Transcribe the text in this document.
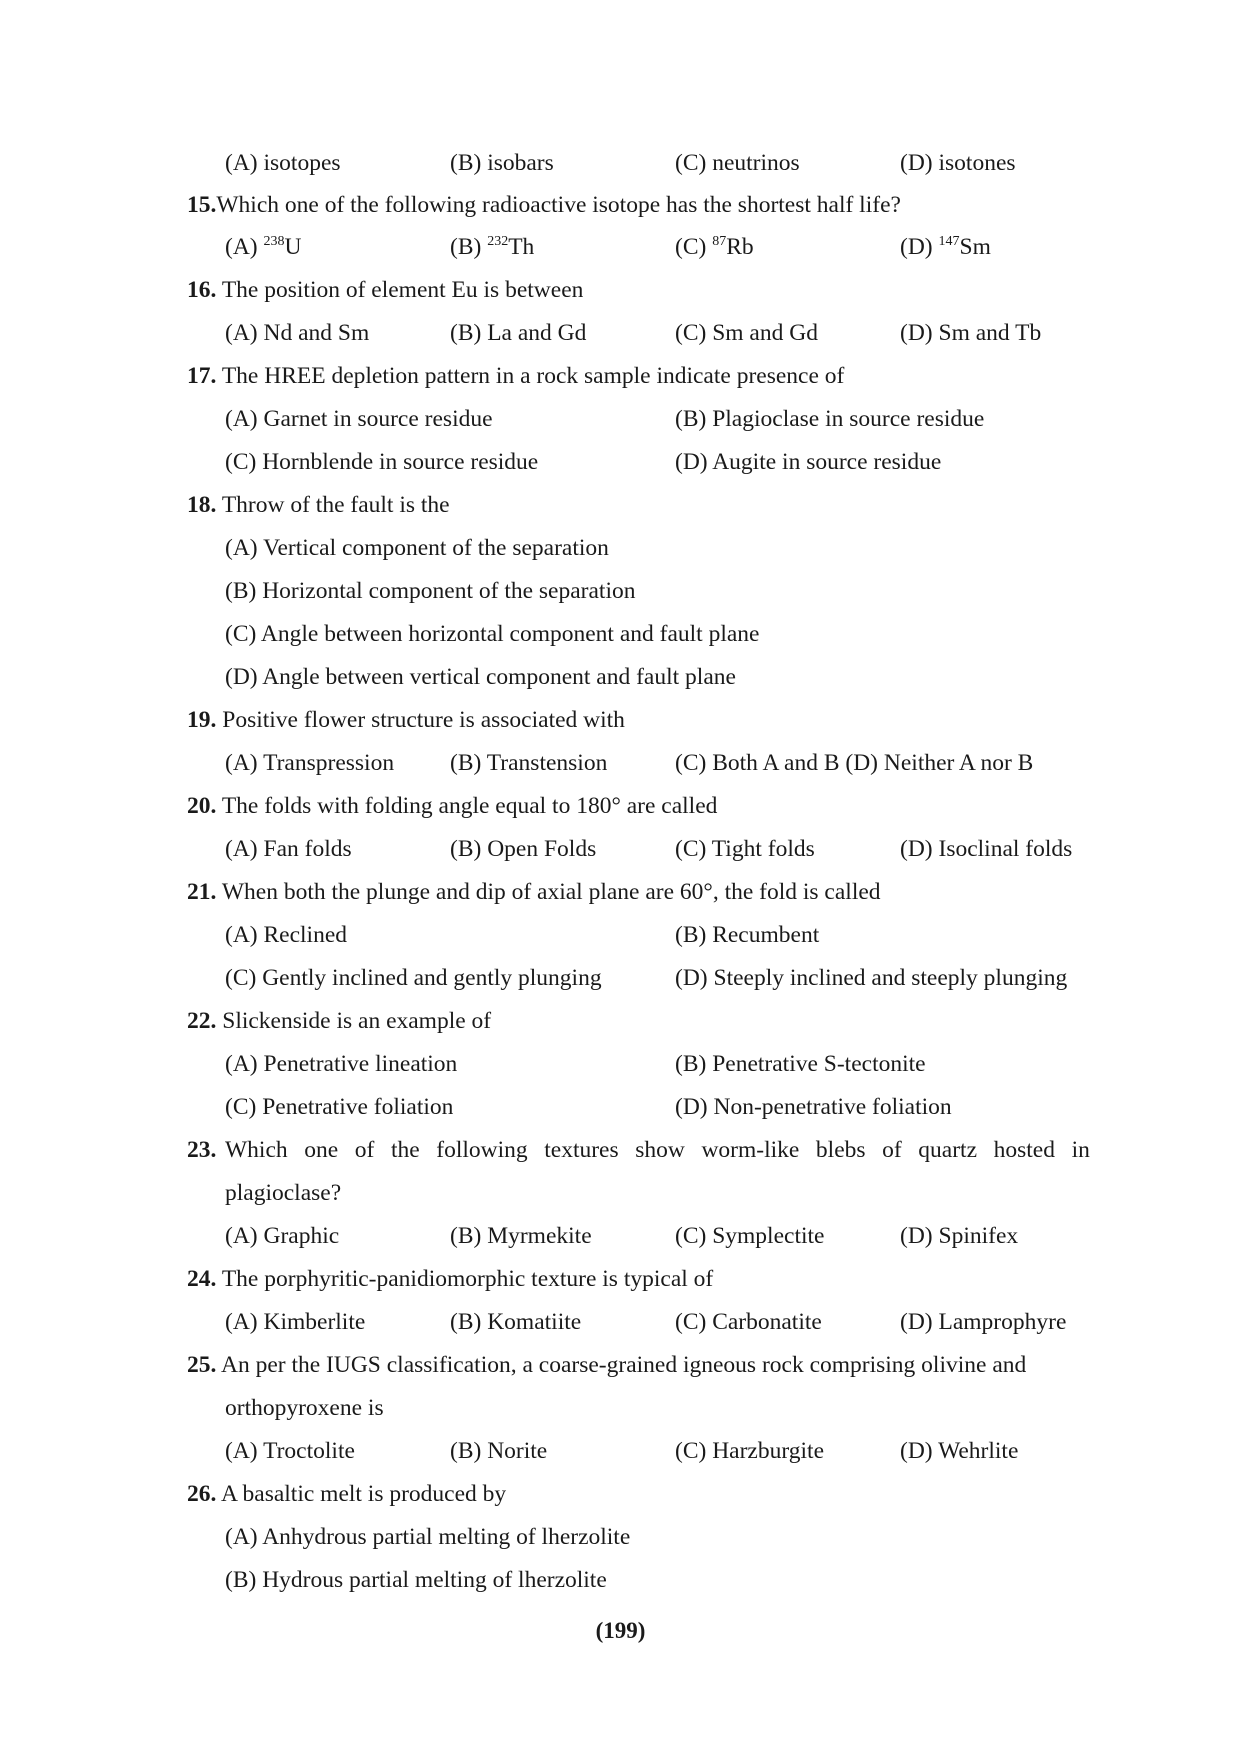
(A) isotopes	(B) isobars	(C) neutrinos	(D) isotones
15.Which one of the following radioactive isotope has the shortest half life?
(A) $^{238}$U	(B) $^{232}$Th	(C) $^{87}$Rb	(D) $^{147}$Sm
16. The position of element Eu is between
(A) Nd and Sm	(B) La and Gd	(C) Sm and Gd	(D) Sm and Tb
17. The HREE depletion pattern in a rock sample indicate presence of
(A) Garnet in source residue	(B) Plagioclase in source residue
(C) Hornblende in source residue	(D) Augite in source residue
18. Throw of the fault is the
(A) Vertical component of the separation
(B) Horizontal component of the separation
(C) Angle between horizontal component and fault plane
(D) Angle between vertical component and fault plane
19. Positive flower structure is associated with
(A) Transpression (B) Transtension	(C) Both A and B (D) Neither A nor B
20. The folds with folding angle equal to 180° are called
(A) Fan folds	(B) Open Folds	(C) Tight folds	(D) Isoclinal folds
21. When both the plunge and dip of axial plane are 60°, the fold is called
(A) Reclined	(B) Recumbent
(C) Gently inclined and gently plunging	(D) Steeply inclined and steeply plunging
22. Slickenside is an example of
(A) Penetrative lineation	(B) Penetrative S-tectonite
(C) Penetrative foliation	(D) Non-penetrative foliation
23. Which one of the following textures show worm-like blebs of quartz hosted in
plagioclase?
(A) Graphic	(B) Myrmekite	(C) Symplectite	(D) Spinifex
24. The porphyritic-panidiomorphic texture is typical of
(A) Kimberlite	(B) Komatiite	(C) Carbonatite	(D) Lamprophyre
25. An per the IUGS classification, a coarse-grained igneous rock comprising olivine and
orthopyroxene is
(A) Troctolite	(B) Norite	(C) Harzburgite	(D) Wehrlite
26. A basaltic melt is produced by
(A) Anhydrous partial melting of lherzolite
(B) Hydrous partial melting of lherzolite
(199)
